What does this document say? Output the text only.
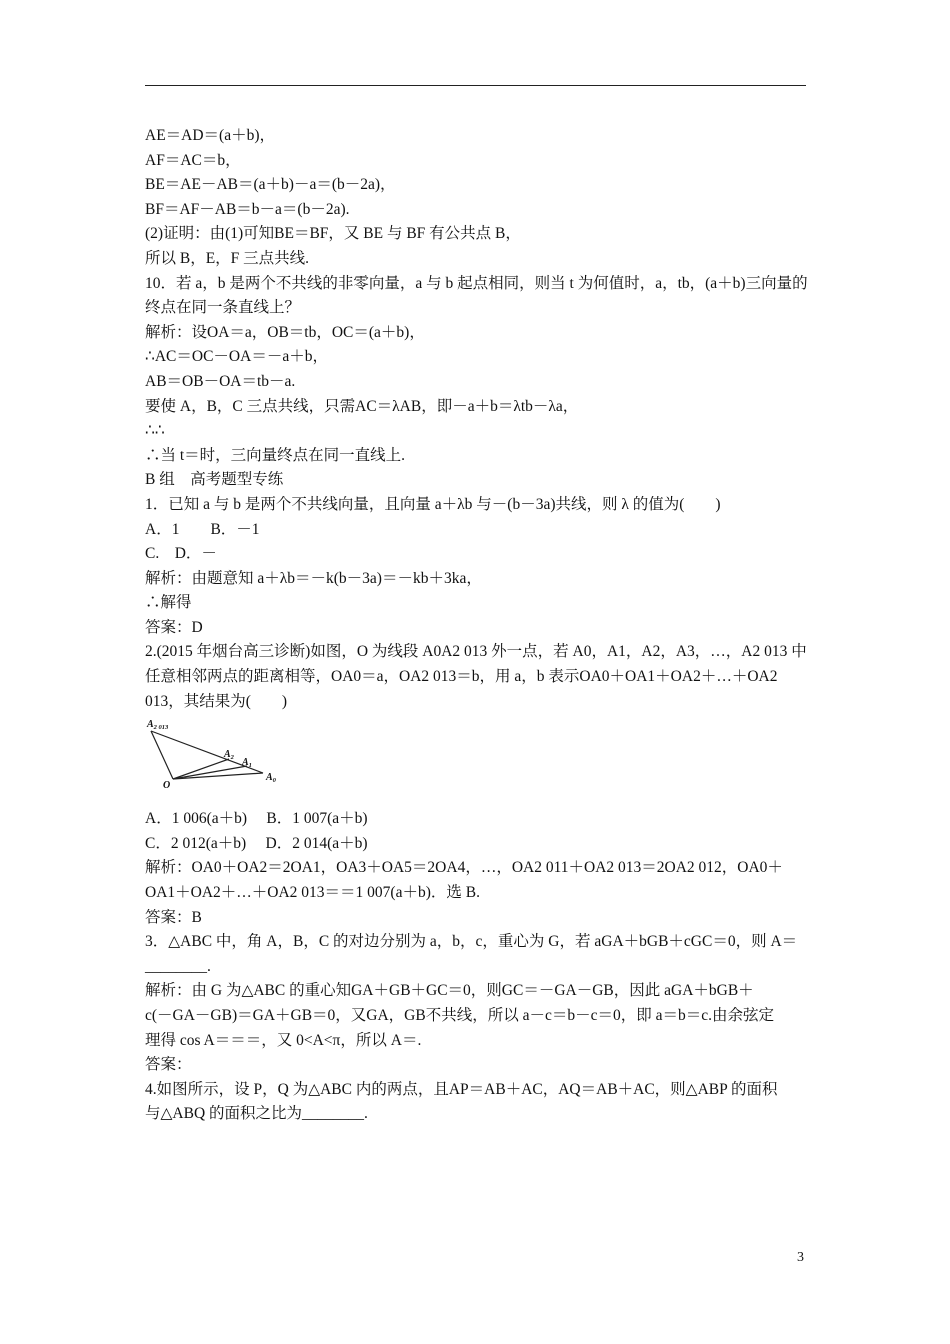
AE＝AD＝(a＋b)，
AF＝AC＝b，
BE＝AE－AB＝(a＋b)－a＝(b－2a)，
BF＝AF－AB＝b－a＝(b－2a).
(2)证明：由(1)可知BE＝BF，又 BE 与 BF 有公共点 B，
所以 B，E，F 三点共线.
10．若 a，b 是两个不共线的非零向量，a 与 b 起点相同，则当 t 为何值时，a，tb，(a＋b)三向量的
终点在同一条直线上？
解析：设OA＝a，OB＝tb，OC＝(a＋b)，
∴AC＝OC－OA＝－a＋b，
AB＝OB－OA＝tb－a.
要使 A，B，C 三点共线，只需AC＝λAB，即－a＋b＝λtb－λa，
∴∴
∴当 t＝时，三向量终点在同一直线上.
B 组　高考题型专练
1．已知 a 与 b 是两个不共线向量，且向量 a＋λb 与－(b－3a)共线，则 λ 的值为(　　)
A．1　　B．－1
C.　D．－
解析：由题意知 a＋λb＝－k(b－3a)＝－kb＋3ka，
∴解得
答案：D
2.(2015 年烟台高三诊断)如图，O 为线段 A0A2 013 外一点，若 A0，A1，A2，A3，…，A2 013 中
任意相邻两点的距离相等，OA0＝a，OA2 013＝b，用 a，b 表示OA0＋OA1＋OA2＋…＋OA2
013，其结果为(　　)
$A_{2 013}$
$A_2$ $A_1$
O
$A_0$
A．1 006(a＋b)　 B．1 007(a＋b)
C．2 012(a＋b)　 D．2 014(a＋b)
解析：OA0＋OA2＝2OA1，OA3＋OA5＝2OA4，…，OA2 011＋OA2 013＝2OA2 012，OA0＋
OA1＋OA2＋…＋OA2 013＝＝1 007(a＋b)．选 B.
答案：B
3．△ABC 中，角 A，B，C 的对边分别为 a，b，c，重心为 G，若 aGA＋bGB＋cGC＝0，则 A＝
________.
解析：由 G 为△ABC 的重心知GA＋GB＋GC＝0，则GC＝－GA－GB，因此 aGA＋bGB＋
c(－GA－GB)＝GA＋GB＝0，又GA，GB不共线，所以 a－c＝b－c＝0，即 a＝b＝c.由余弦定
理得 cos A＝＝＝，又 0<A<π，所以 A＝.
答案：
4.如图所示，设 P，Q 为△ABC 内的两点，且AP＝AB＋AC，AQ＝AB＋AC，则△ABP 的面积
与△ABQ 的面积之比为________.
3
